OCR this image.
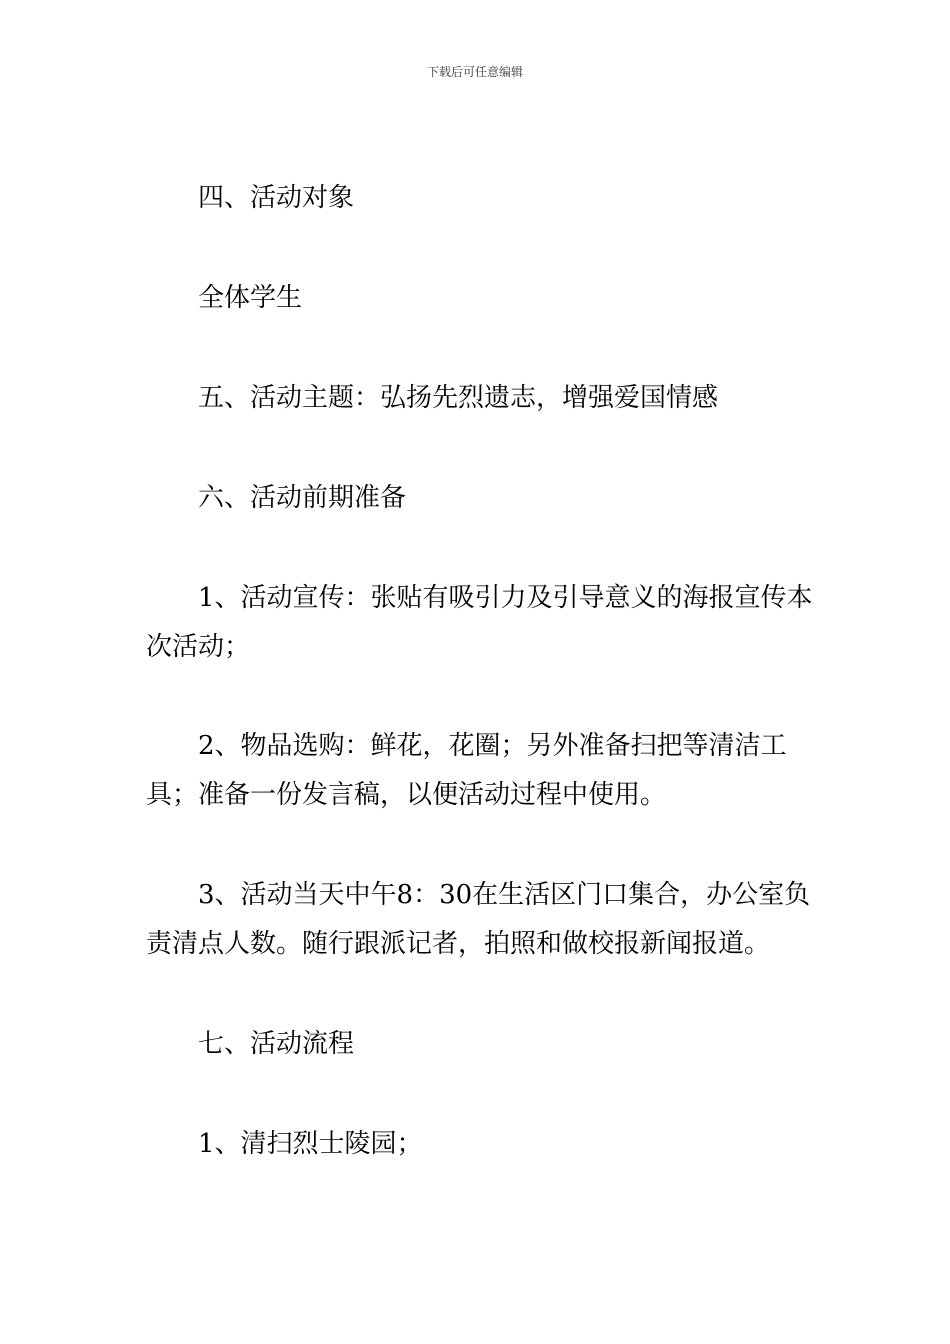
下载后可任意编辑

四、活动对象

全体学生

五、活动主题：弘扬先烈遗志，增强爱国情感

六、活动前期准备

1、活动宣传：张贴有吸引力及引导意义的海报宣传本次活动；

2、物品选购：鲜花，花圈；另外准备扫把等清洁工具；准备一份发言稿，以便活动过程中使用。

3、活动当天中午8：30在生活区门口集合，办公室负责清点人数。随行跟派记者，拍照和做校报新闻报道。

七、活动流程

1、清扫烈士陵园；
